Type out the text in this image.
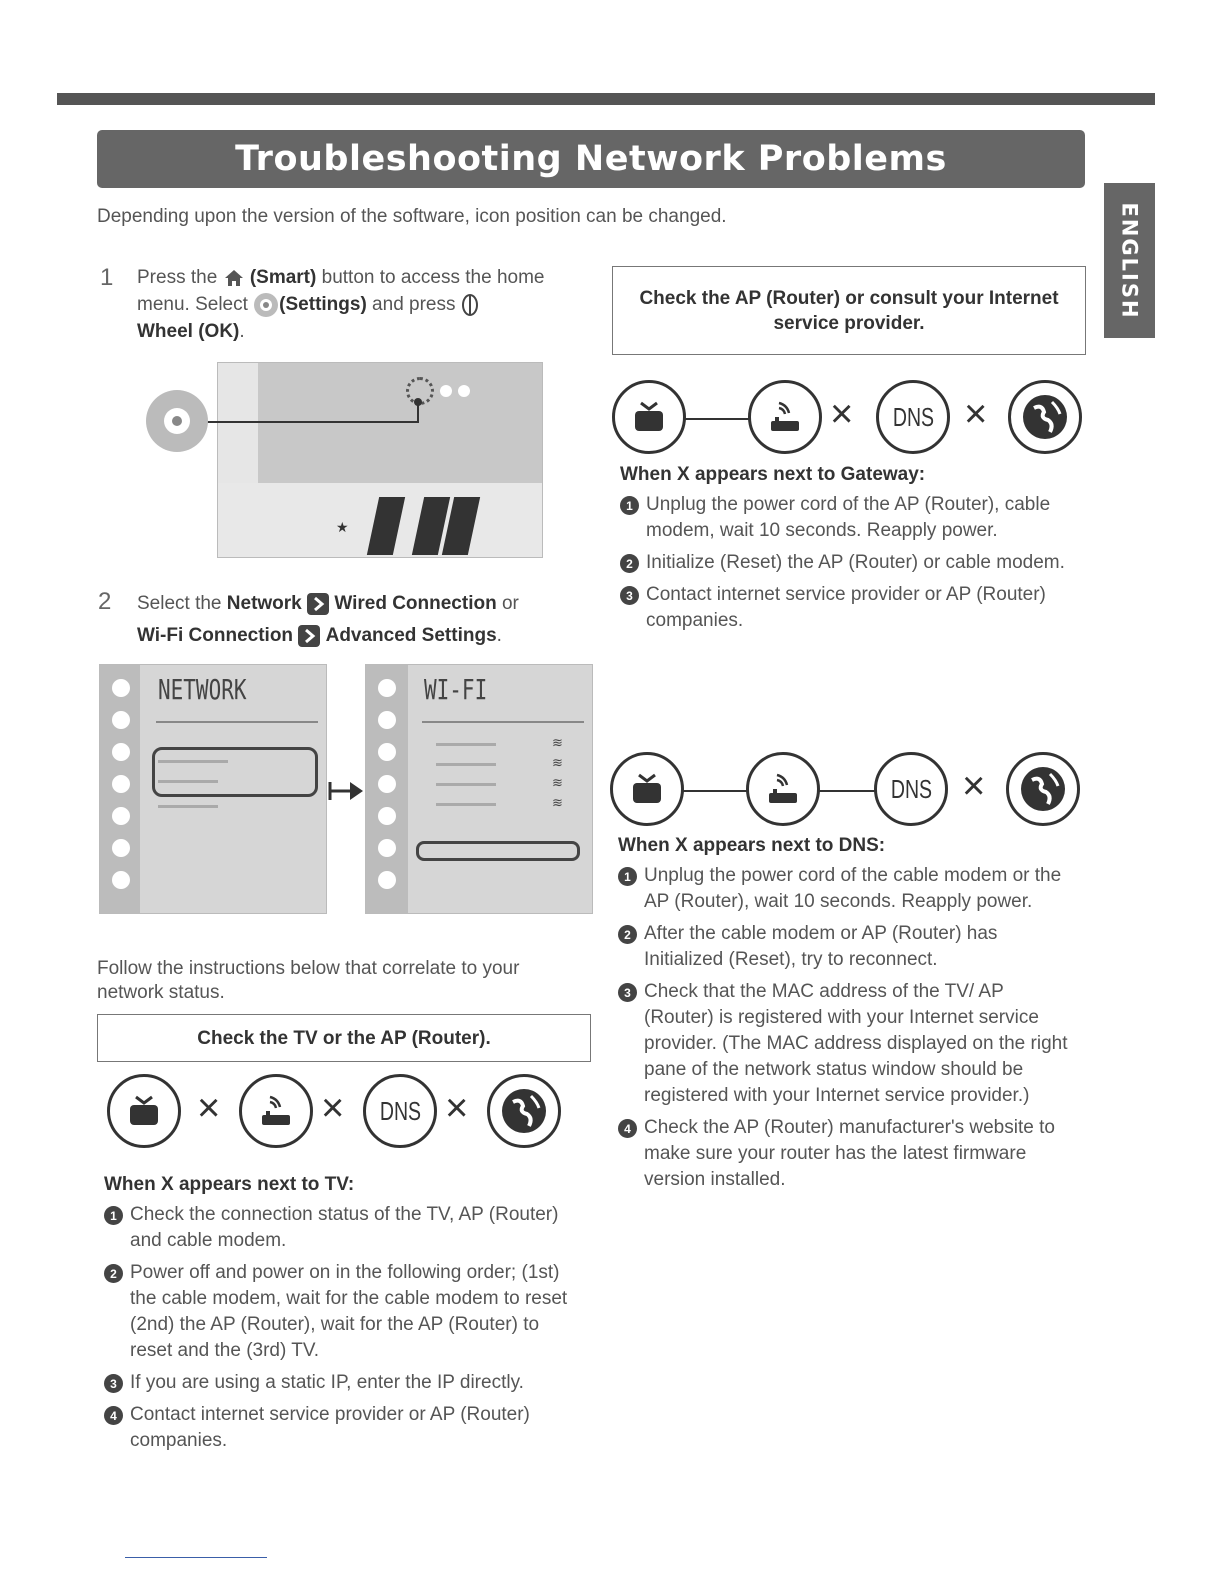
Troubleshooting Network Problems
ENGLISH
Depending upon the version of the software, icon position can be changed.
1 Press the  (Smart) button to access the home menu. Select (Settings) and press
Wheel (OK).
★
2 Select the Network Wired Connection or
Wi-Fi Connection Advanced Settings.
NETWORK	WI-FI
≋
≋
≋
≋
Follow the instructions below that correlate to your network status.
Check the TV or the AP (Router).
×	× DNS ×
When X appears next to TV:
1 Check the connection status of the TV, AP (Router) and cable modem.
2 Power off and power on in the following order; (1st) the cable modem, wait for the cable modem to reset (2nd) the AP (Router), wait for the AP (Router) to reset and the (3rd) TV.
3 If you are using a static IP, enter the IP directly.
4 Contact internet service provider or AP (Router) companies.
Check the AP (Router) or consult your Internet service provider.
× DNS ×
When X appears next to Gateway:
1 Unplug the power cord of the AP (Router), cable modem, wait 10 seconds. Reapply power.
2 Initialize (Reset) the AP (Router) or cable modem.
3 Contact internet service provider or AP (Router) companies.
DNS ×
When X appears next to DNS:
1 Unplug the power cord of the cable modem or the AP (Router), wait 10 seconds. Reapply power.
2 After the cable modem or AP (Router) has Initialized (Reset), try to reconnect.
3 Check that the MAC address of the TV/ AP (Router) is registered with your Internet service provider. (The MAC address displayed on the right pane of the network status window should be registered with your Internet service provider.)
4 Check the AP (Router) manufacturer's website to make sure your router has the latest firmware version installed.
